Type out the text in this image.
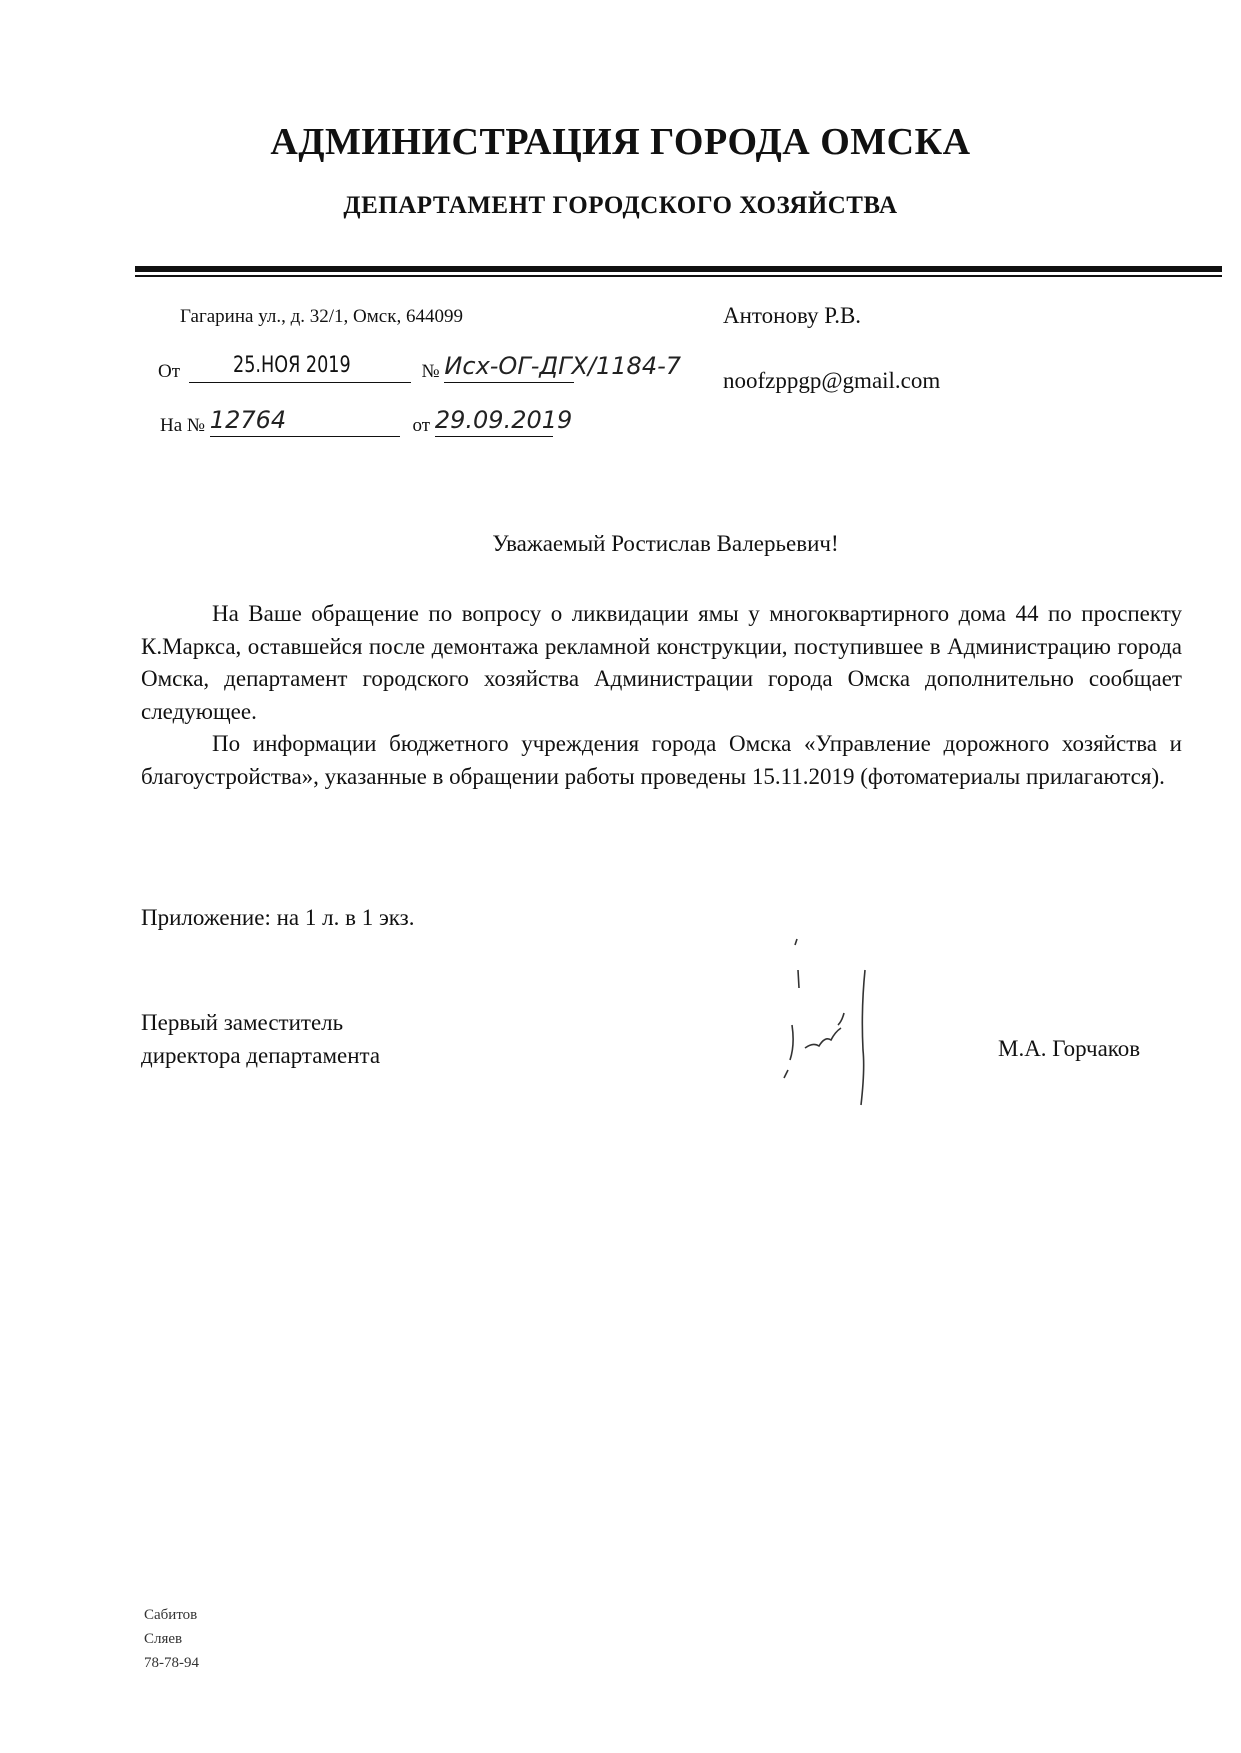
АДМИНИСТРАЦИЯ ГОРОДА ОМСКА
ДЕПАРТАМЕНТ ГОРОДСКОГО ХОЗЯЙСТВА
Гагарина ул., д. 32/1, Омск, 644099
От 25.НОЯ 2019	№ Исх-ОГ-ДГХ/1184-7
На № 12764	от 29.09.2019
Антонову Р.В.
noofzppgp@gmail.com
Уважаемый Ростислав Валерьевич!

На Ваше обращение по вопросу о ликвидации ямы у многоквартирного дома 44 по проспекту К.Маркса, оставшейся после демонтажа рекламной конструкции, поступившее в Администрацию города Омска, департамент городского хозяйства Администрации города Омска дополнительно сообщает следующее.

По информации бюджетного учреждения города Омска «Управление дорожного хозяйства и благоустройства», указанные в обращении работы проведены 15.11.2019 (фотоматериалы прилагаются).

Приложение: на 1 л. в 1 экз.
Первый заместитель
директора департамента	М.А. Горчаков
Сабитов
Сляев
78-78-94
